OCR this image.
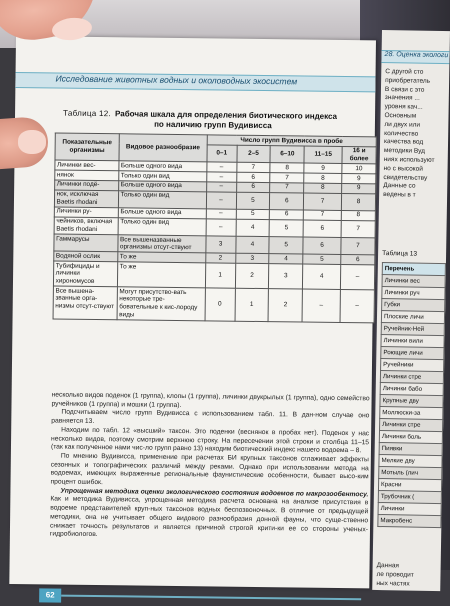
Исследование животных водных и околоводных экосистем
Таблица 12. Рабочая шкала для определения биотического индекса
по наличию групп Вудивисса
Показательные организмы	Видовое разнообразие	Число групп Вудивисса в пробе				
		0–1	2–5	6–10	11–15	16 и более
Личинки вес-	Больше одного вида	–	7	8	9	10
нянок	Только один вид	–	6	7	8	9
Личинки подё-	Больше одного вида	–	6	7	8	9
нок, исключая Baetis rhodani	Только один вид	–	5	6	7	8
Личинки ру-	Больше одного вида	–	5	6	7	8
чейников, включая Baetis rhodani	Только один вид	–	4	5	6	7
Гаммарусы	Все вышеназванные организмы отсут-ствуют	3	4	5	6	7
Водяной ослик	То же	2	3	4	5	6
Тубифициды и личинки хирономусов	То же	1	2	3	4	–
Все вышена-званные орга-низмы отсут-ствуют	Могут присутство-вать некоторые тре-бовательные к кис-лороду виды	0	1	2	–	–

несколько видов поденок (1 группа), клопы (1 группа), личинки двукрылых (1 группа), одно семейство ручейников (1 группа) и мошки (1 группа).

Подсчитываем число групп Вудивисса с использованием табл. 11. В дан-ном случае оно равняется 13.

Находим по табл. 12 «высший» таксон. Это поденки (веснянок в пробах нет). Поденок у нас несколько видов, поэтому смотрим верхнюю строку. На пересечении этой строки и столбца 11–15 (так как полученное нами чис-ло групп равно 13) находим биотический индекс нашего водоема – 8.

По мнению Вудивисса, применение при расчетах БИ крупных таксонов сглаживает эффекты сезонных и топографических различий между реками. Однако при использовании метода на водоемах, имеющих выраженные региональные фаунистические особенности, бывает высо-ким процент ошибок.

Упрощенная методика оценки экологического состояния водоемов по макрозообентосу. Как и методика Вудивисса, упрощенная методика расчета основана на анализе присутствия в водоеме представителей круп-ных таксонов водных беспозвоночных. В отличие от предыдущей методики, она не учитывает общего видового разнообразия донной фауны, что суще-ственно снижает точность результатов и является причиной строгой крити-ки ее со стороны ученых-гидробиологов.

62
28. Оценка экологи
С другой сто
приобретатель
В связи с это
значения ...
уровня кач...
Основным
ли двух или
количество
качества вод
методики Вуд
ниях используют
но с высокой
свидетельству
Данные со
ведены в т
Таблица 13
Перечень
Личинки вес
Личинки руч
Губки
Плоские личи
Ручейник-Ней
Личинки вили
Роющие личи
Ручейники
Личинки стре
Личинки бабо
Крупные дву
Моллюски-за
Личинки стре
Личинки боль
Пиявки
Мелкие дву
Мотыль (лич
Красни
Трубочник (
Личинки
Макробенс
Данная
ле проводит
ных частях
